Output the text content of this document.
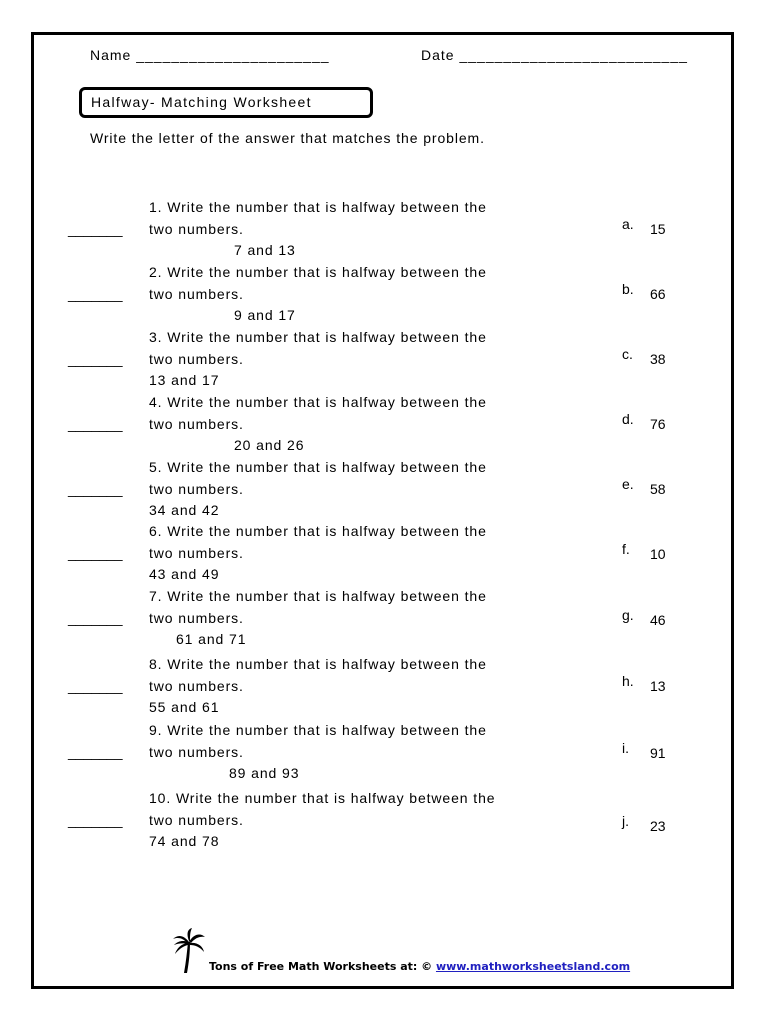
Name ______________________	Date __________________________
Halfway- Matching Worksheet
Write the letter of the answer that matches the problem.
_______
1. Write the number that is halfway between the
two numbers.
7 and 13
_______
2. Write the number that is halfway between the
two numbers.
9 and 17
_______
3. Write the number that is halfway between the
two numbers.
13 and 17
_______
4. Write the number that is halfway between the
two numbers.
20 and 26
_______
5. Write the number that is halfway between the
two numbers.
34 and 42
_______
6. Write the number that is halfway between the
two numbers.
43 and 49
_______
7. Write the number that is halfway between the
two numbers.
61 and 71
_______
8. Write the number that is halfway between the
two numbers.
55 and 61
_______
9. Write the number that is halfway between the
two numbers.
89 and 93
_______
10. Write the number that is halfway between the
two numbers.
74 and 78
a. 15
b. 66
c. 38
d. 76
e. 58
f. 10
g. 46
h. 13
i. 91
j. 23
Tons of Free Math Worksheets at: © www.mathworksheetsland.com
